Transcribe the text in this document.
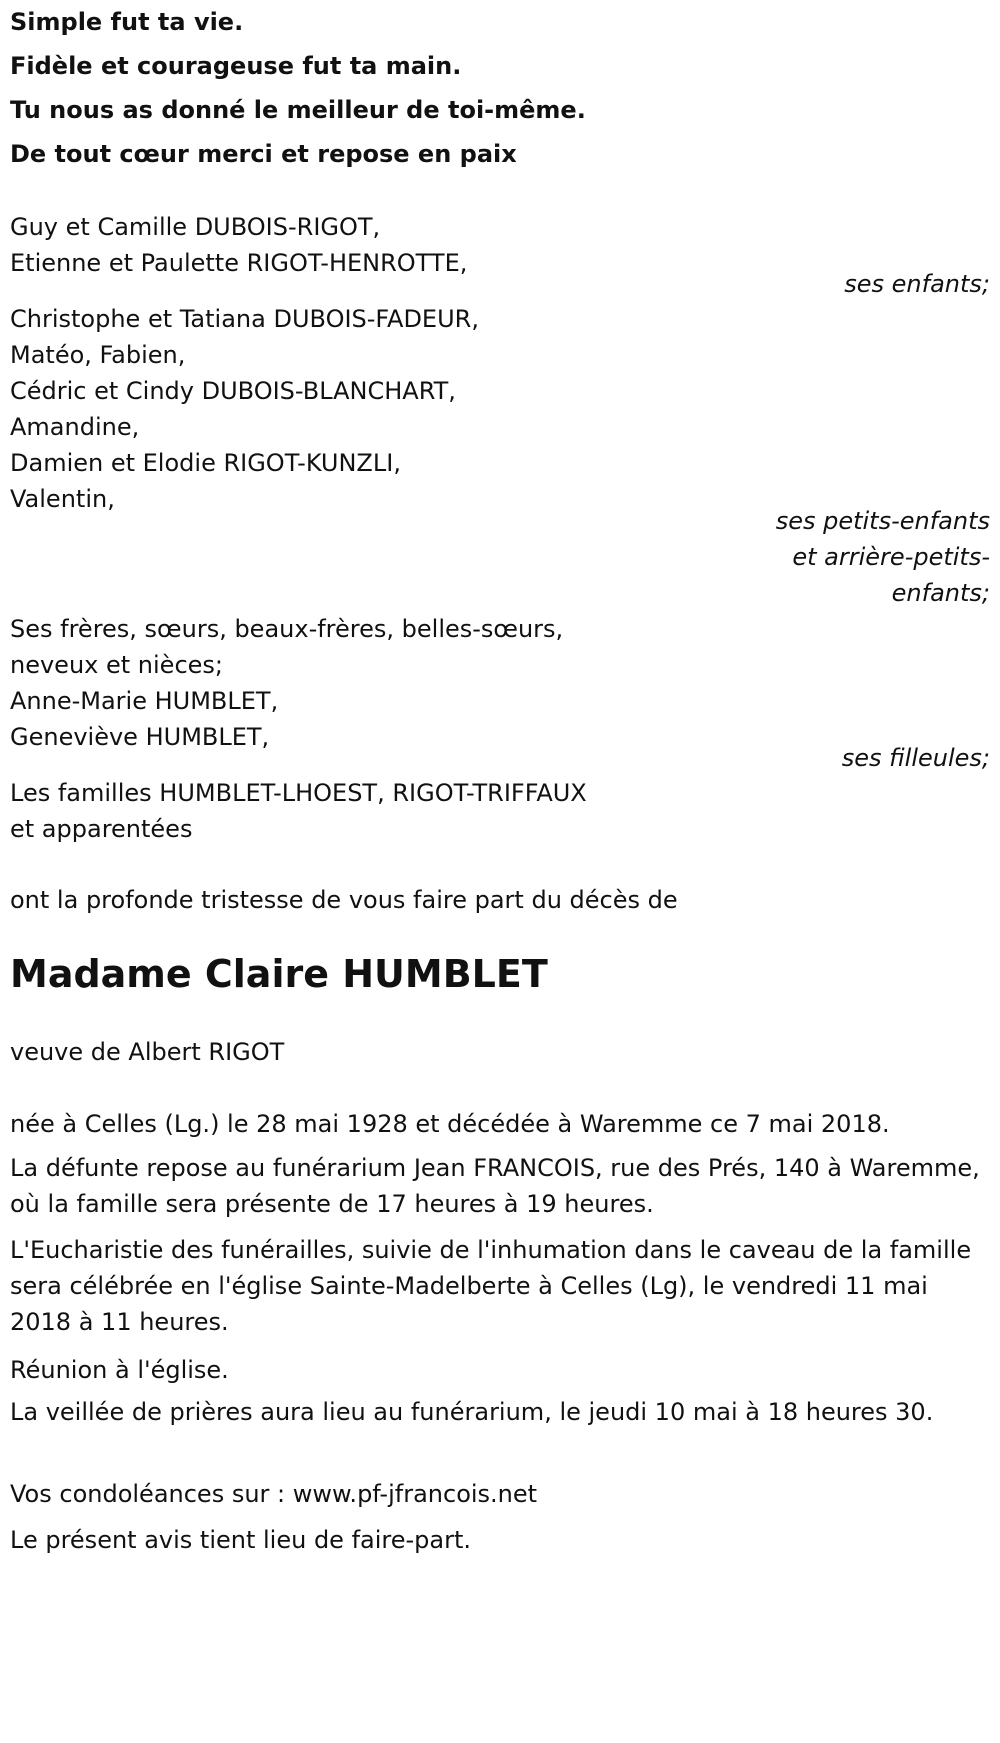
Simple fut ta vie.
Fidèle et courageuse fut ta main.
Tu nous as donné le meilleur de toi-même.
De tout cœur merci et repose en paix
Guy et Camille DUBOIS-RIGOT,
Etienne et Paulette RIGOT-HENROTTE,
ses enfants;
Christophe et Tatiana DUBOIS-FADEUR,
Matéo, Fabien,
Cédric et Cindy DUBOIS-BLANCHART,
Amandine,
Damien et Elodie RIGOT-KUNZLI,
Valentin,
ses petits-enfants
et arrière-petits-
enfants;
Ses frères, sœurs, beaux-frères, belles-sœurs,
neveux et nièces;
Anne-Marie HUMBLET,
Geneviève HUMBLET,
ses filleules;
Les familles HUMBLET-LHOEST, RIGOT-TRIFFAUX
et apparentées
ont la profonde tristesse de vous faire part du décès de
Madame Claire HUMBLET
veuve de Albert RIGOT
née à Celles (Lg.) le 28 mai 1928 et décédée à Waremme ce 7 mai 2018.
La défunte repose au funérarium Jean FRANCOIS, rue des Prés, 140 à Waremme, où la famille sera présente de 17 heures à 19 heures.
L'Eucharistie des funérailles, suivie de l'inhumation dans le caveau de la famille sera célébrée en l'église Sainte-Madelberte à Celles (Lg), le vendredi 11 mai 2018 à 11 heures.
Réunion à l'église.
La veillée de prières aura lieu au funérarium, le jeudi 10 mai à 18 heures 30.
Vos condoléances sur : www.pf-jfrancois.net
Le présent avis tient lieu de faire-part.
